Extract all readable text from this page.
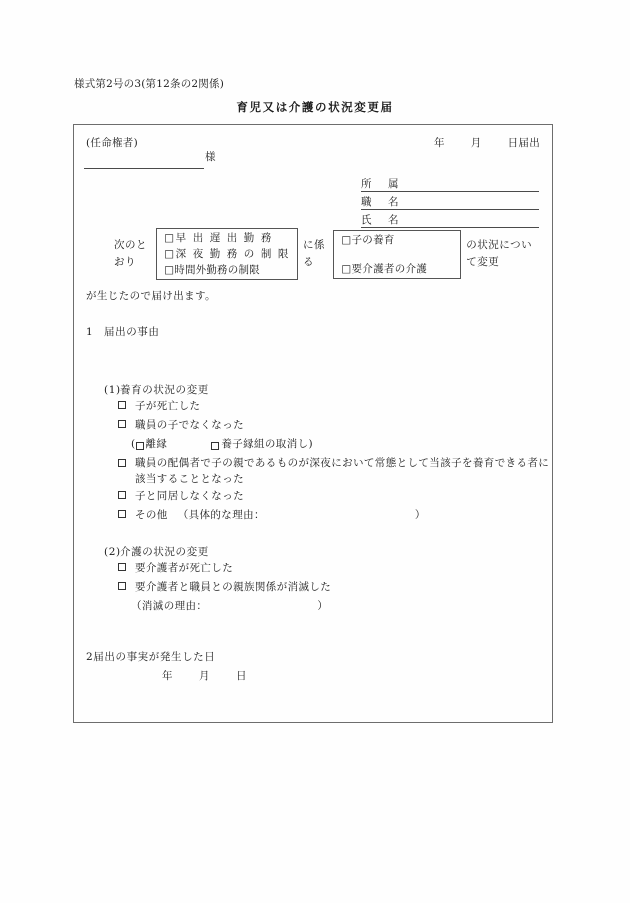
様式第2号の3(第12条の2関係)
育児又は介護の状況変更届
(任命権者)	年 月 日届出
様
所　属
職　名
氏　名
次のとおり
□早 出 遅 出 勤 務
□深 夜 勤 務 の 制 限
□時間外勤務の制限
に係る
□子の養育
□要介護者の介護
の状況について変更
が生じたので届け出ます。
1 届出の事由
(1)養育の状況の変更
子が死亡した
職員の子でなくなった
( 離縁	養子縁組の取消し )
職員の配偶者で子の親であるものが深夜において常態として当該子を養育できる者に該当することとなった
子と同居しなくなった
その他 （具体的な理由：	）
(2)介護の状況の変更
要介護者が死亡した
要介護者と職員との親族関係が消滅した
（消滅の理由：	）
2届出の事実が発生した日
年 月 日
